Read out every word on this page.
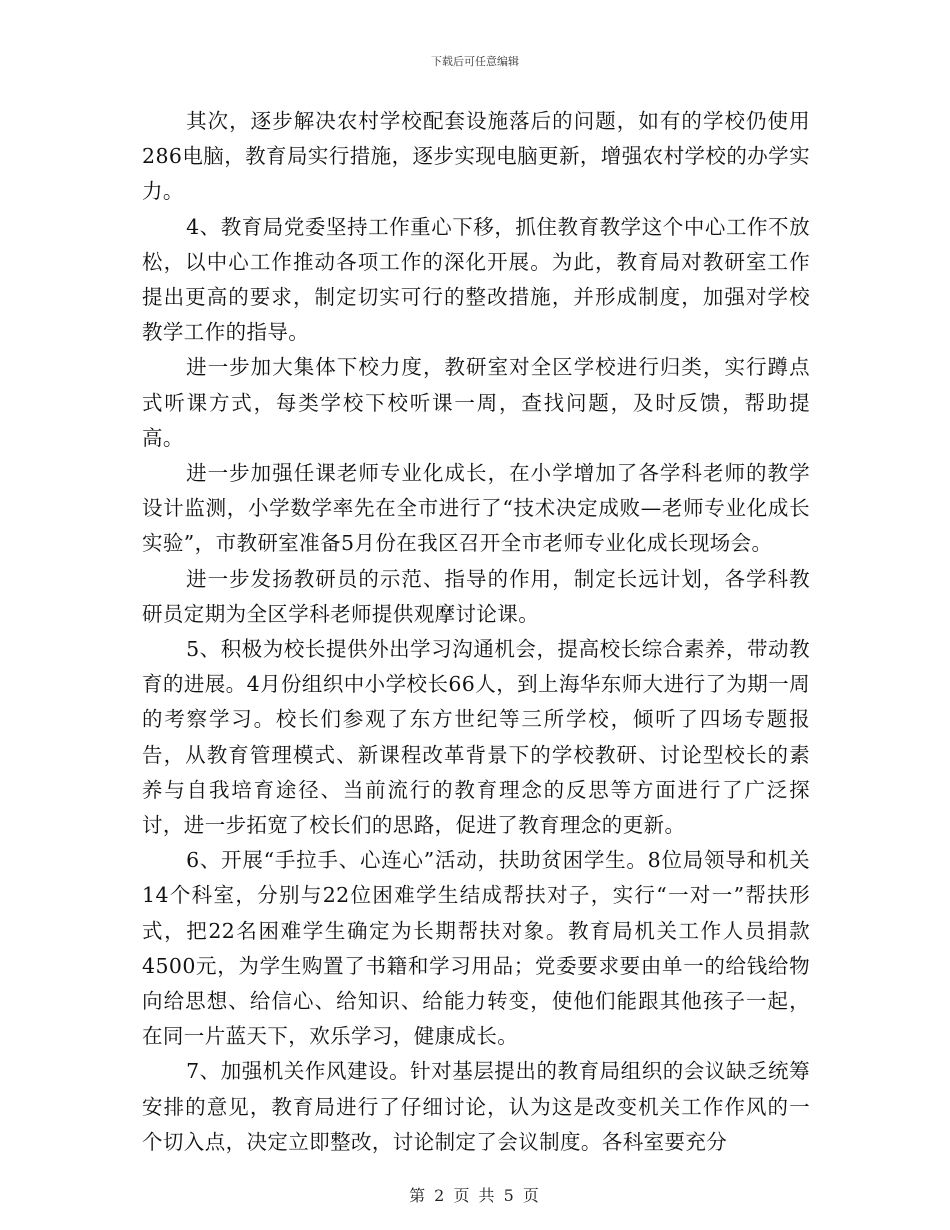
下载后可任意编辑

其次，逐步解决农村学校配套设施落后的问题，如有的学校仍使用286电脑，教育局实行措施，逐步实现电脑更新，增强农村学校的办学实力。

4、教育局党委坚持工作重心下移，抓住教育教学这个中心工作不放松，以中心工作推动各项工作的深化开展。为此，教育局对教研室工作提出更高的要求，制定切实可行的整改措施，并形成制度，加强对学校教学工作的指导。

进一步加大集体下校力度，教研室对全区学校进行归类，实行蹲点式听课方式，每类学校下校听课一周，查找问题，及时反馈，帮助提高。

进一步加强任课老师专业化成长，在小学增加了各学科老师的教学设计监测，小学数学率先在全市进行了“技术决定成败—老师专业化成长实验”，市教研室准备5月份在我区召开全市老师专业化成长现场会。

进一步发扬教研员的示范、指导的作用，制定长远计划，各学科教研员定期为全区学科老师提供观摩讨论课。

5、积极为校长提供外出学习沟通机会，提高校长综合素养，带动教育的进展。4月份组织中小学校长66人，到上海华东师大进行了为期一周的考察学习。校长们参观了东方世纪等三所学校，倾听了四场专题报告，从教育管理模式、新课程改革背景下的学校教研、讨论型校长的素养与自我培育途径、当前流行的教育理念的反思等方面进行了广泛探讨，进一步拓宽了校长们的思路，促进了教育理念的更新。

6、开展“手拉手、心连心”活动，扶助贫困学生。8位局领导和机关14个科室，分别与22位困难学生结成帮扶对子，实行“一对一”帮扶形式，把22名困难学生确定为长期帮扶对象。教育局机关工作人员捐款4500元，为学生购置了书籍和学习用品；党委要求要由单一的给钱给物向给思想、给信心、给知识、给能力转变，使他们能跟其他孩子一起，在同一片蓝天下，欢乐学习，健康成长。

7、加强机关作风建设。针对基层提出的教育局组织的会议缺乏统筹安排的意见，教育局进行了仔细讨论，认为这是改变机关工作作风的一个切入点，决定立即整改，讨论制定了会议制度。各科室要充分

第 2 页 共 5 页
